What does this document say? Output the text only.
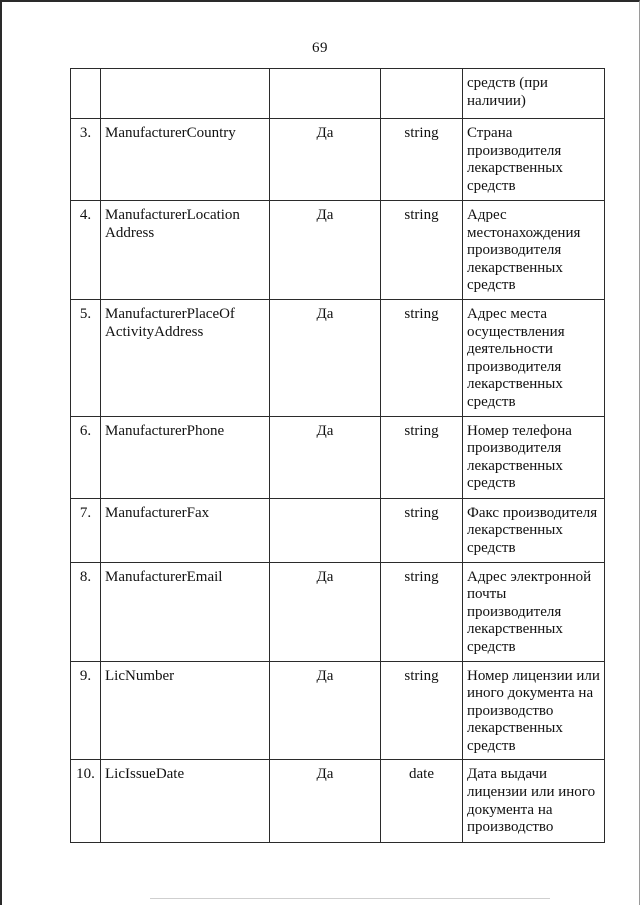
69
				средств (при наличии)
3.	ManufacturerCountry	Да	string	Страна производителя лекарственных средств
4.	ManufacturerLocation Address	Да	string	Адрес местонахождения производителя лекарственных средств
5.	ManufacturerPlaceOf ActivityAddress	Да	string	Адрес места осуществления деятельности производителя лекарственных средств
6.	ManufacturerPhone	Да	string	Номер телефона производителя лекарственных средств
7.	ManufacturerFax		string	Факс производителя лекарственных средств
8.	ManufacturerEmail	Да	string	Адрес электронной почты производителя лекарственных средств
9.	LicNumber	Да	string	Номер лицензии или иного документа на производство лекарственных средств
10.	LicIssueDate	Да	date	Дата выдачи лицензии или иного документа на производство
